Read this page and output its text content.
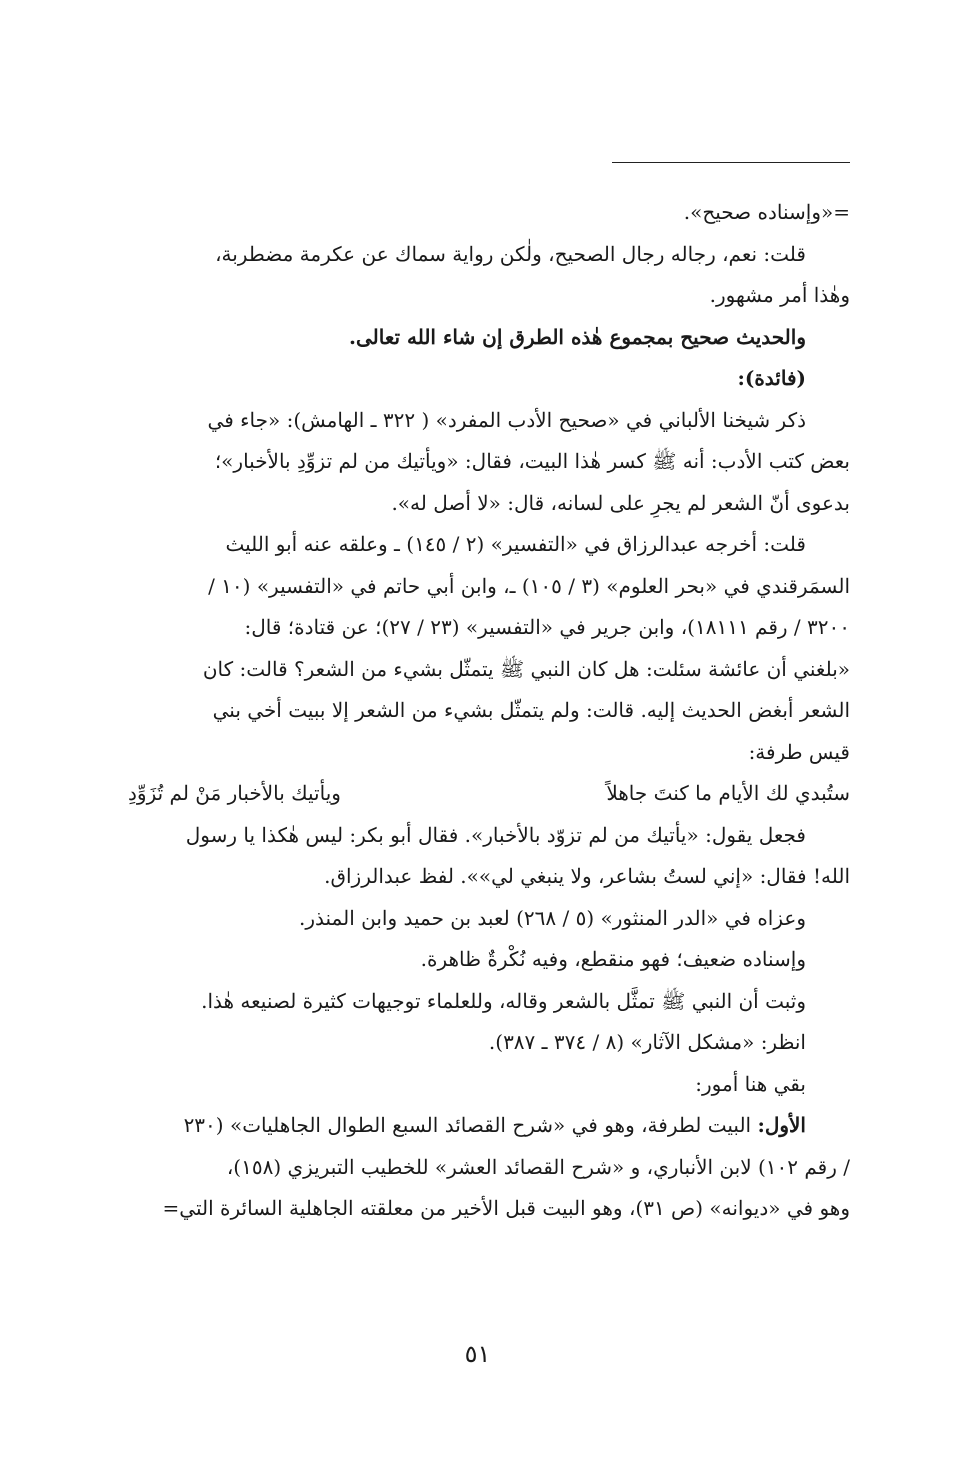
=«وإسناده صحيح».

قلت: نعم، رجاله رجال الصحيح، ولٰكن رواية سماك عن عكرمة مضطربة،

وهٰذا أمر مشهور.

والحديث صحيح بمجموع هٰذه الطرق إن شاء الله تعالى.

(فائدة):

ذكر شيخنا الألباني في «صحيح الأدب المفرد» ( ٣٢٢ ـ الهامش): «جاء في

بعض كتب الأدب: أنه ﷺ كسر هٰذا البيت، فقال: «ويأتيك من لم تزوِّدِ بالأخبار»؛

بدعوى أنّ الشعر لم يجرِ على لسانه، قال: «لا أصل له».

قلت: أخرجه عبدالرزاق في «التفسير» (٢ / ١٤٥) ـ وعلقه عنه أبو الليث

السمَرقندي في «بحر العلوم» (٣ / ١٠٥) ـ، وابن أبي حاتم في «التفسير» (١٠ /

٣٢٠٠ / رقم ١٨١١١)، وابن جرير في «التفسير» (٢٣ / ٢٧)؛ عن قتادة؛ قال:

«بلغني أن عائشة سئلت: هل كان النبي ﷺ يتمثّل بشيء من الشعر؟ قالت: كان

الشعر أبغض الحديث إليه. قالت: ولم يتمثّل بشيء من الشعر إلا ببيت أخي بني

قيس طرفة:

ستُبدي لك الأيام ما كنتَ جاهلاً
ويأتيك بالأخبار مَنْ لم تُزَوِّدِ

فجعل يقول: «يأتيك من لم تزوّد بالأخبار». فقال أبو بكر: ليس هٰكذا يا رسول

الله! فقال: «إني لستُ بشاعر، ولا ينبغي لي»». لفظ عبدالرزاق.

وعزاه في «الدر المنثور» (٥ / ٢٦٨) لعبد بن حميد وابن المنذر.

وإسناده ضعيف؛ فهو منقطع، وفيه نُكْرةٌ ظاهرة.

وثبت أن النبي ﷺ تمثَّل بالشعر وقاله، وللعلماء توجيهات كثيرة لصنيعه هٰذا.

انظر: «مشكل الآثار» (٨ / ٣٧٤ ـ ٣٨٧).

بقي هنا أمور:

الأول: البيت لطرفة، وهو في «شرح القصائد السبع الطوال الجاهليات» (٢٣٠

/ رقم ١٠٢) لابن الأنباري، و «شرح القصائد العشر» للخطيب التبريزي (١٥٨)،

وهو في «ديوانه» (ص ٣١)، وهو البيت قبل الأخير من معلقته الجاهلية السائرة التي=

٥١
